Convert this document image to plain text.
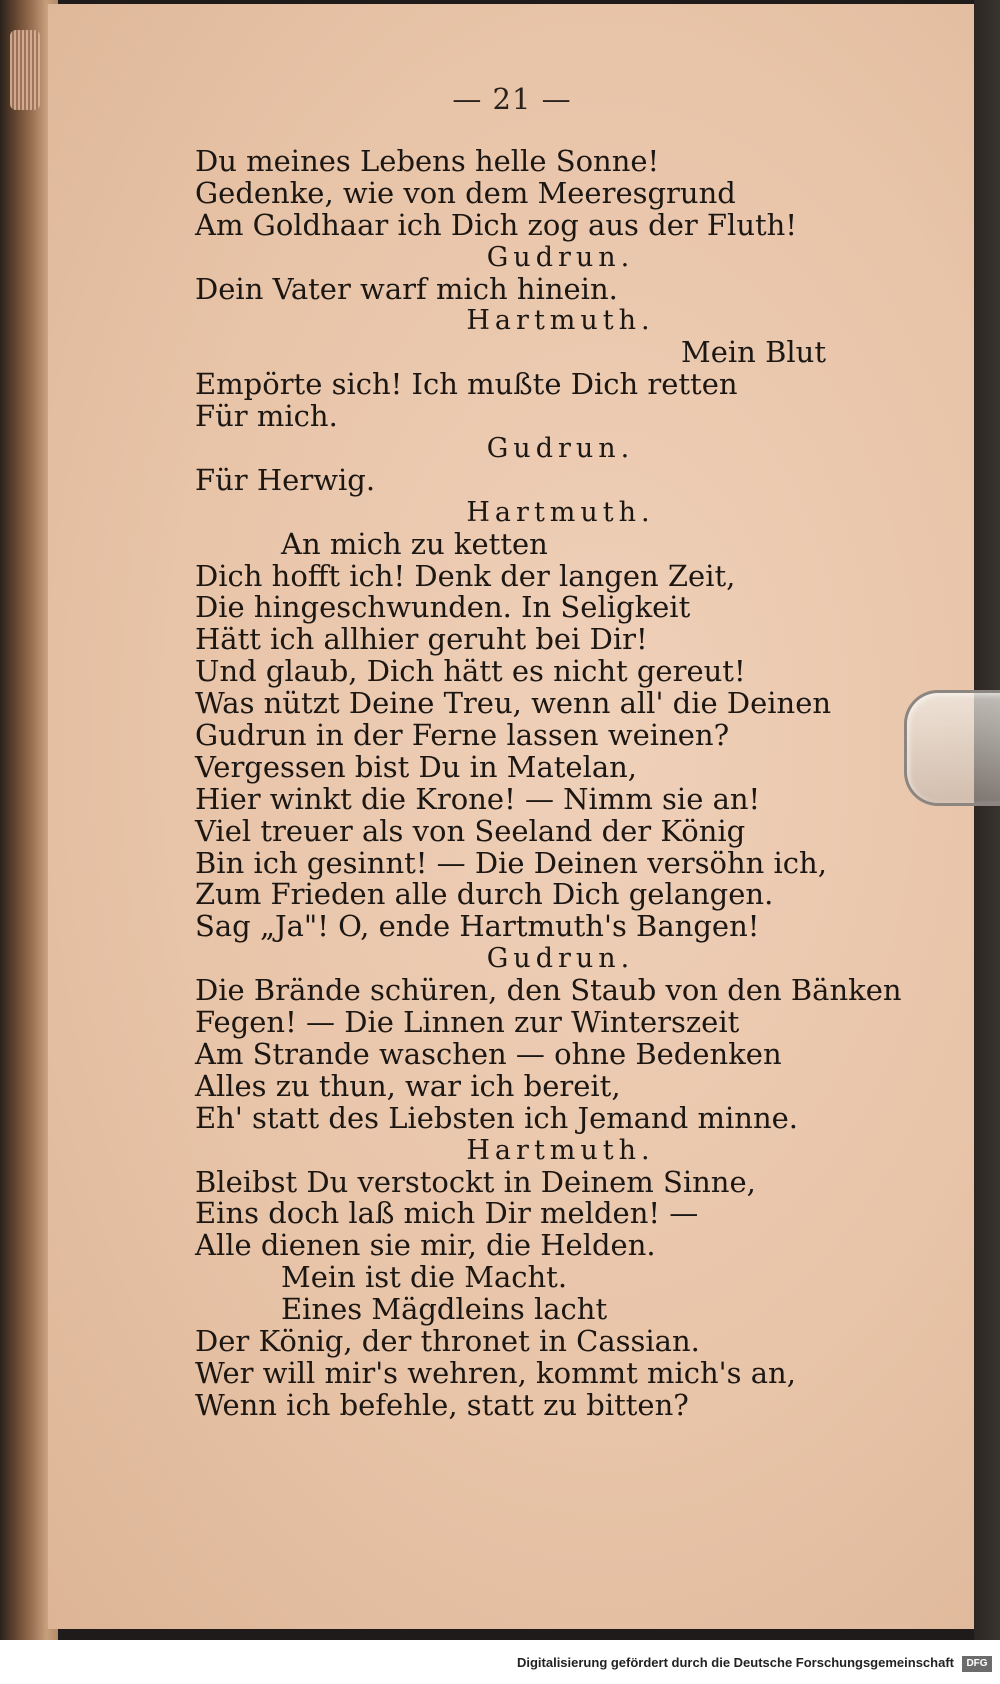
— 21 —
Du meines Lebens helle Sonne!
Gedenke, wie von dem Meeresgrund
Am Goldhaar ich Dich zog aus der Fluth!
Gudrun.
Dein Vater warf mich hinein.
Hartmuth.
Mein Blut
Empörte sich! Ich mußte Dich retten
Für mich.
Gudrun.
Für Herwig.
Hartmuth.
An mich zu ketten
Dich hofft ich! Denk der langen Zeit,
Die hingeschwunden. In Seligkeit
Hätt ich allhier geruht bei Dir!
Und glaub, Dich hätt es nicht gereut!
Was nützt Deine Treu, wenn all' die Deinen
Gudrun in der Ferne lassen weinen?
Vergessen bist Du in Matelan,
Hier winkt die Krone! — Nimm sie an!
Viel treuer als von Seeland der König
Bin ich gesinnt! — Die Deinen versöhn ich,
Zum Frieden alle durch Dich gelangen.
Sag „Ja"! O, ende Hartmuth's Bangen!
Gudrun.
Die Brände schüren, den Staub von den Bänken
Fegen! — Die Linnen zur Winterszeit
Am Strande waschen — ohne Bedenken
Alles zu thun, war ich bereit,
Eh' statt des Liebsten ich Jemand minne.
Hartmuth.
Bleibst Du verstockt in Deinem Sinne,
Eins doch laß mich Dir melden! —
Alle dienen sie mir, die Helden.
Mein ist die Macht.
Eines Mägdleins lacht
Der König, der thronet in Cassian.
Wer will mir's wehren, kommt mich's an,
Wenn ich befehle, statt zu bitten?
Digitalisierung gefördert durch die Deutsche Forschungsgemeinschaft	DFG
